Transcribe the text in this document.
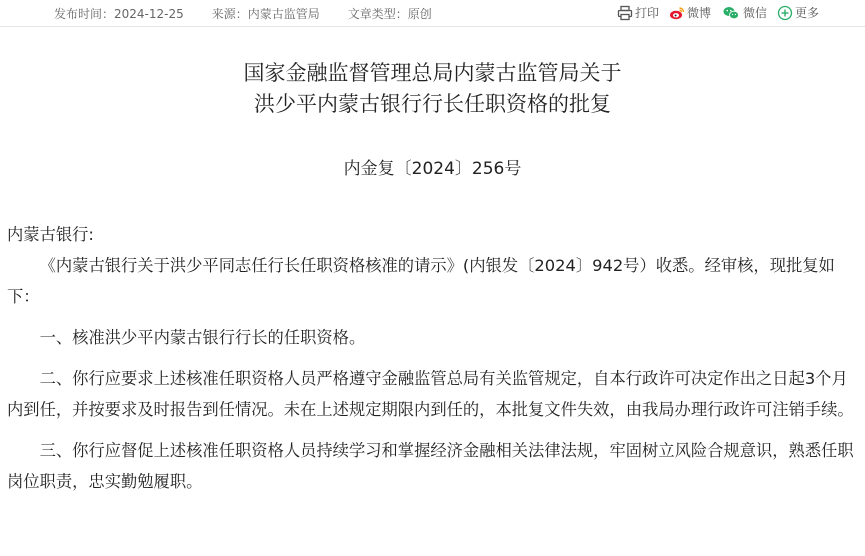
发布时间：2024-12-25 来源：内蒙古监管局 文章类型：原创	打印 微博	微信 更多
国家金融监督管理总局内蒙古监管局关于
洪少平内蒙古银行行长任职资格的批复
内金复〔2024〕256号

内蒙古银行:

《内蒙古银行关于洪少平同志任行长任职资格核准的请示》(内银发〔2024〕942号）收悉。经审核，现批复如下：

一、核准洪少平内蒙古银行行长的任职资格。

二、你行应要求上述核准任职资格人员严格遵守金融监管总局有关监管规定，自本行政许可决定作出之日起3个月内到任，并按要求及时报告到任情况。未在上述规定期限内到任的，本批复文件失效，由我局办理行政许可注销手续。

三、你行应督促上述核准任职资格人员持续学习和掌握经济金融相关法律法规，牢固树立风险合规意识，熟悉任职岗位职责，忠实勤勉履职。
